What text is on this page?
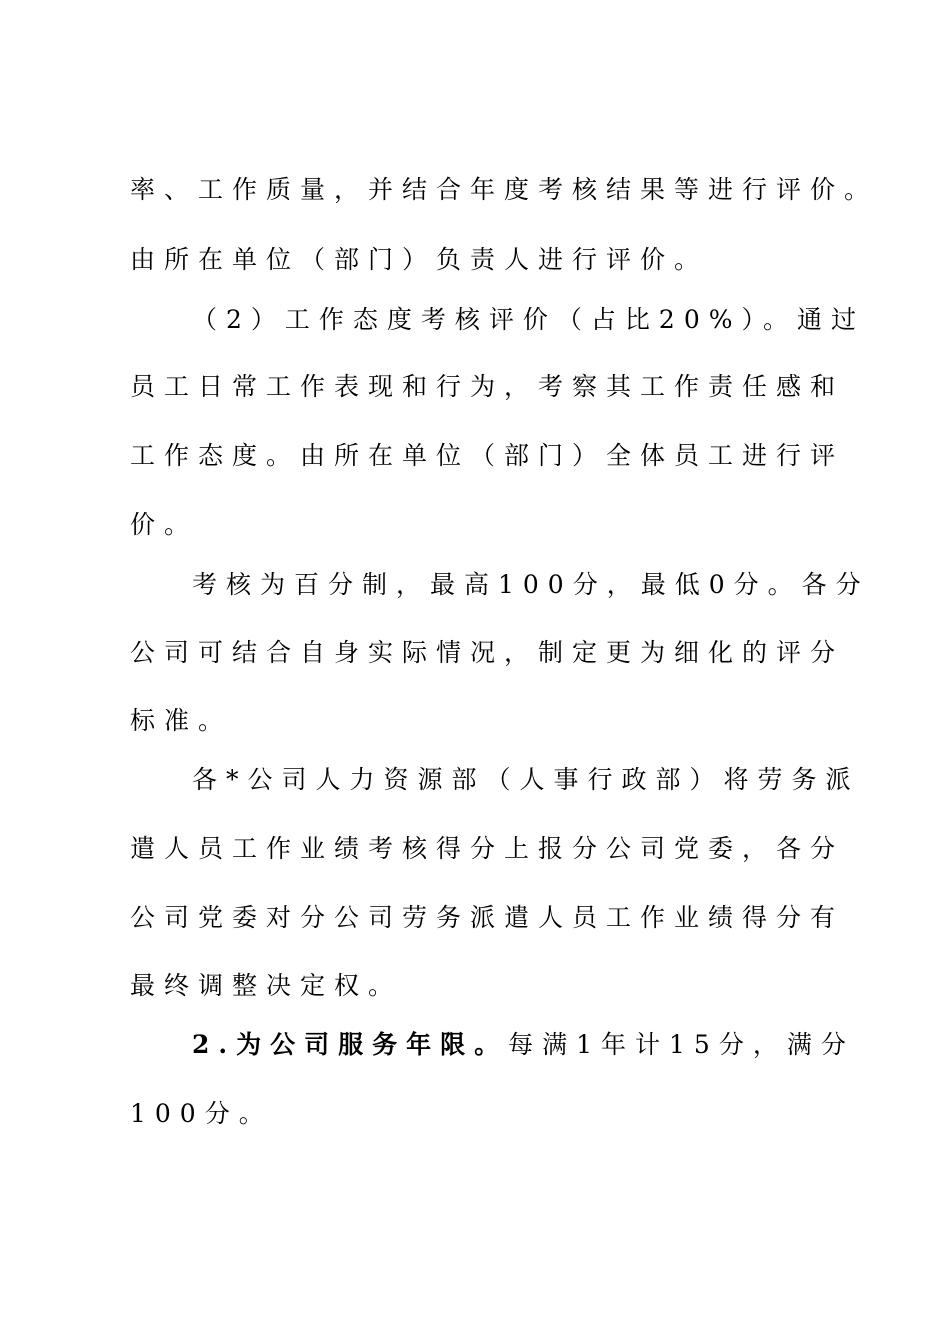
率、工作质量，并结合年度考核结果等进行评价。
由所在单位（部门）负责人进行评价。
（2）工作态度考核评价（占比20%）。通过
员工日常工作表现和行为，考察其工作责任感和
工作态度。由所在单位（部门）全体员工进行评
价。
考核为百分制，最高100分，最低0分。各分
公司可结合自身实际情况，制定更为细化的评分
标准。
各*公司人力资源部（人事行政部）将劳务派
遣人员工作业绩考核得分上报分公司党委，各分
公司党委对分公司劳务派遣人员工作业绩得分有
最终调整决定权。
2.为公司服务年限。每满1年计15分，满分
100分。
